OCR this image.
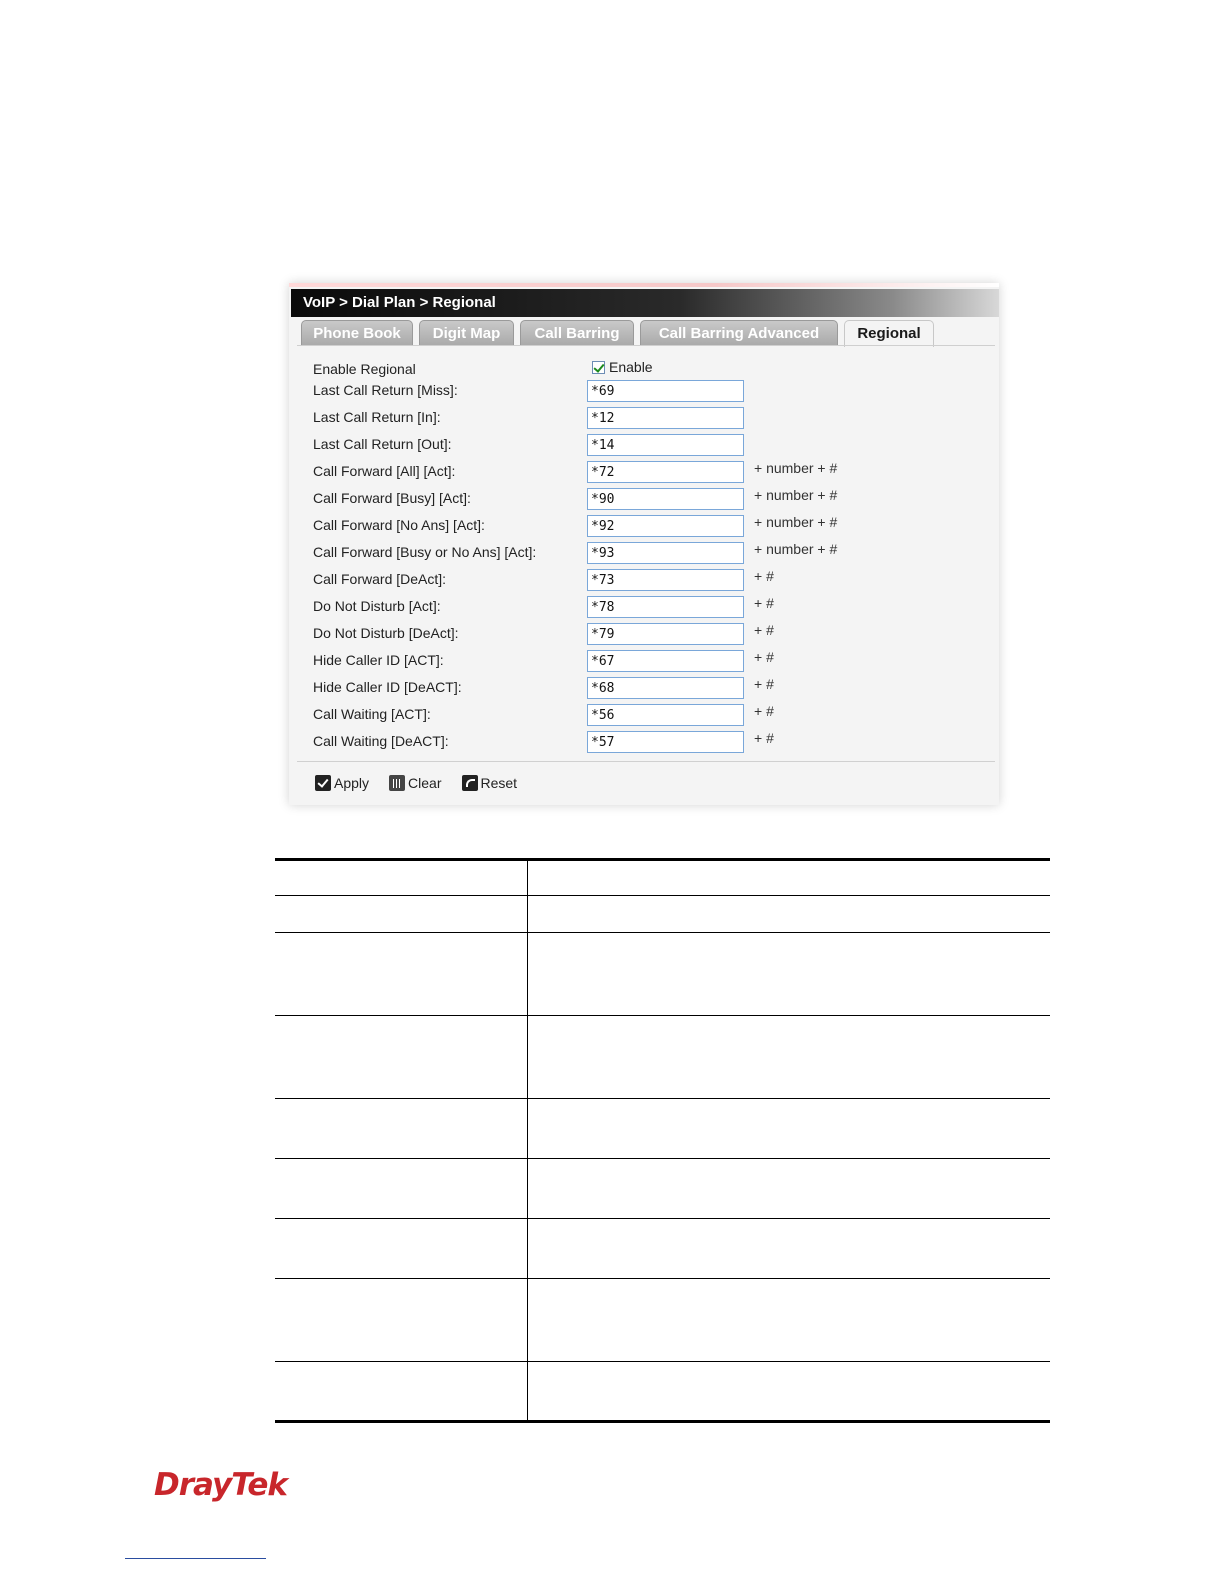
VoIP > Dial Plan > Regional
Phone Book	Digit Map	Call Barring	Call Barring Advanced	Regional
Enable Regional	Enable
Last Call Return [Miss]:
*69
Last Call Return [In]:
*12
Last Call Return [Out]:
*14
Call Forward [All] [Act]:
*72	+ number + #
Call Forward [Busy] [Act]:
*90	+ number + #
Call Forward [No Ans] [Act]:
*92	+ number + #
Call Forward [Busy or No Ans] [Act]:
*93	+ number + #
Call Forward [DeAct]:
*73	+ #
Do Not Disturb [Act]:
*78	+ #
Do Not Disturb [DeAct]:
*79	+ #
Hide Caller ID [ACT]:
*67	+ #
Hide Caller ID [DeACT]:
*68	+ #
Call Waiting [ACT]:
*56	+ #
Call Waiting [DeACT]:
*57	+ #
Apply	Clear	Reset
DrayTek
